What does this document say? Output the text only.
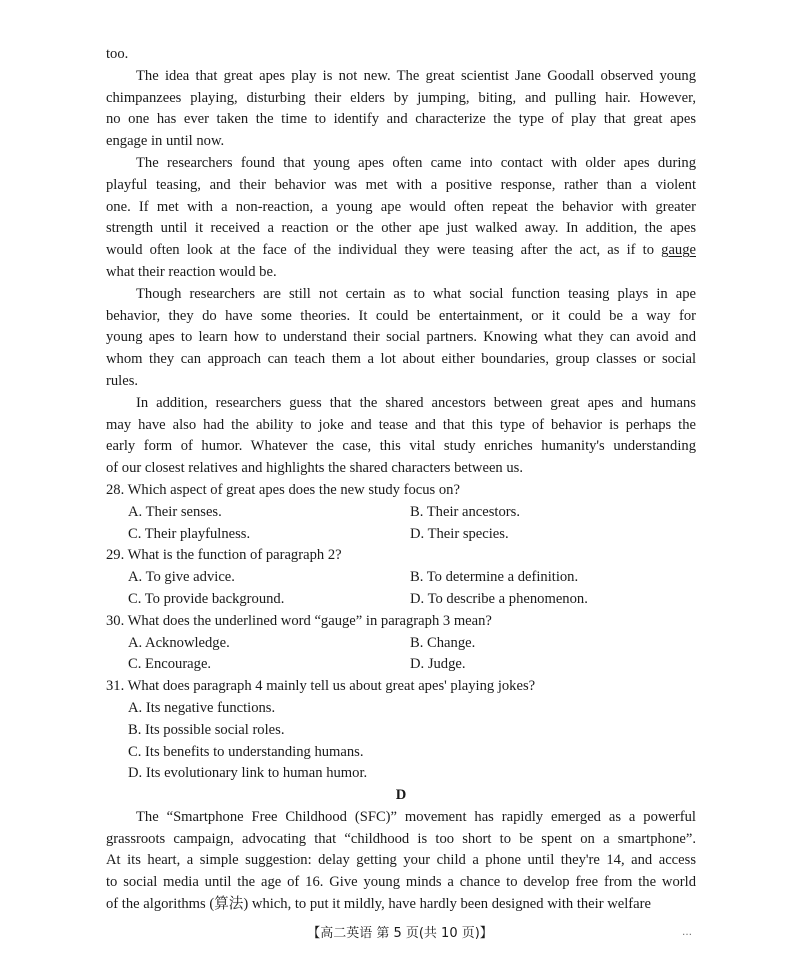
too.
The idea that great apes play is not new. The great scientist Jane Goodall observed young
chimpanzees playing, disturbing their elders by jumping, biting, and pulling hair. However,
no one has ever taken the time to identify and characterize the type of play that great apes
engage in until now.
The researchers found that young apes often came into contact with older apes during
playful teasing, and their behavior was met with a positive response, rather than a violent
one. If met with a non-reaction, a young ape would often repeat the behavior with greater
strength until it received a reaction or the other ape just walked away. In addition, the apes
would often look at the face of the individual they were teasing after the act, as if to gauge
what their reaction would be.
Though researchers are still not certain as to what social function teasing plays in ape
behavior, they do have some theories. It could be entertainment, or it could be a way for
young apes to learn how to understand their social partners. Knowing what they can avoid and
whom they can approach can teach them a lot about either boundaries, group classes or social
rules.
In addition, researchers guess that the shared ancestors between great apes and humans
may have also had the ability to joke and tease and that this type of behavior is perhaps the
early form of humor. Whatever the case, this vital study enriches humanity's understanding
of our closest relatives and highlights the shared characters between us.
28. Which aspect of great apes does the new study focus on?
A. Their senses.	B. Their ancestors.
C. Their playfulness.	D. Their species.
29. What is the function of paragraph 2?
A. To give advice.	B. To determine a definition.
C. To provide background.	D. To describe a phenomenon.
30. What does the underlined word “gauge” in paragraph 3 mean?
A. Acknowledge.	B. Change.
C. Encourage.	D. Judge.
31. What does paragraph 4 mainly tell us about great apes' playing jokes?
A. Its negative functions.
B. Its possible social roles.
C. Its benefits to understanding humans.
D. Its evolutionary link to human humor.
D
The “Smartphone Free Childhood (SFC)” movement has rapidly emerged as a powerful
grassroots campaign, advocating that “childhood is too short to be spent on a smartphone”.
At its heart, a simple suggestion: delay getting your child a phone until they're 14, and access
to social media until the age of 16. Give young minds a chance to develop free from the world
of the algorithms (算法) which, to put it mildly, have hardly been designed with their welfare
【高二英语 第 5 页(共 10 页)】	…
